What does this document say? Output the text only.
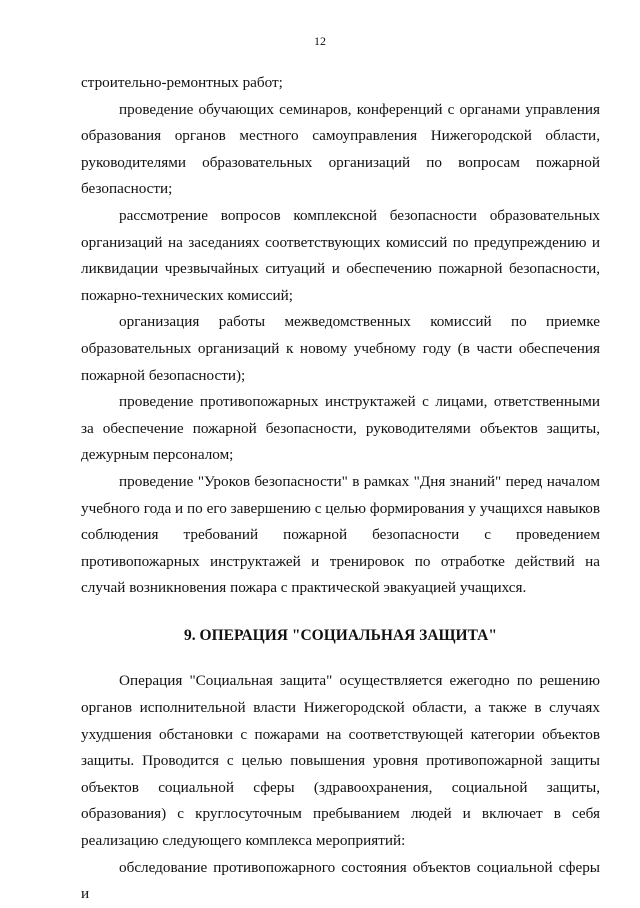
12

строительно-ремонтных работ;

проведение обучающих семинаров, конференций с органами управления образования органов местного самоуправления Нижегородской области, руководителями образовательных организаций по вопросам пожарной безопасности;

рассмотрение вопросов комплексной безопасности образовательных организаций на заседаниях соответствующих комиссий по предупреждению и ликвидации чрезвычайных ситуаций и обеспечению пожарной безопасности, пожарно-технических комиссий;

организация работы межведомственных комиссий по приемке образовательных организаций к новому учебному году (в части обеспечения пожарной безопасности);

проведение противопожарных инструктажей с лицами, ответственными за обеспечение пожарной безопасности, руководителями объектов защиты, дежурным персоналом;

проведение "Уроков безопасности" в рамках "Дня знаний" перед началом учебного года и по его завершению с целью формирования у учащихся навыков соблюдения требований пожарной безопасности с проведением противопожарных инструктажей и тренировок по отработке действий на случай возникновения пожара с практической эвакуацией учащихся.

9. ОПЕРАЦИЯ "СОЦИАЛЬНАЯ ЗАЩИТА"

Операция "Социальная защита" осуществляется ежегодно по решению органов исполнительной власти Нижегородской области, а также в случаях ухудшения обстановки с пожарами на соответствующей категории объектов защиты. Проводится с целью повышения уровня противопожарной защиты объектов социальной сферы (здравоохранения, социальной защиты, образования) с круглосуточным пребыванием людей и включает в себя реализацию следующего комплекса мероприятий:

обследование противопожарного состояния объектов социальной сферы и
